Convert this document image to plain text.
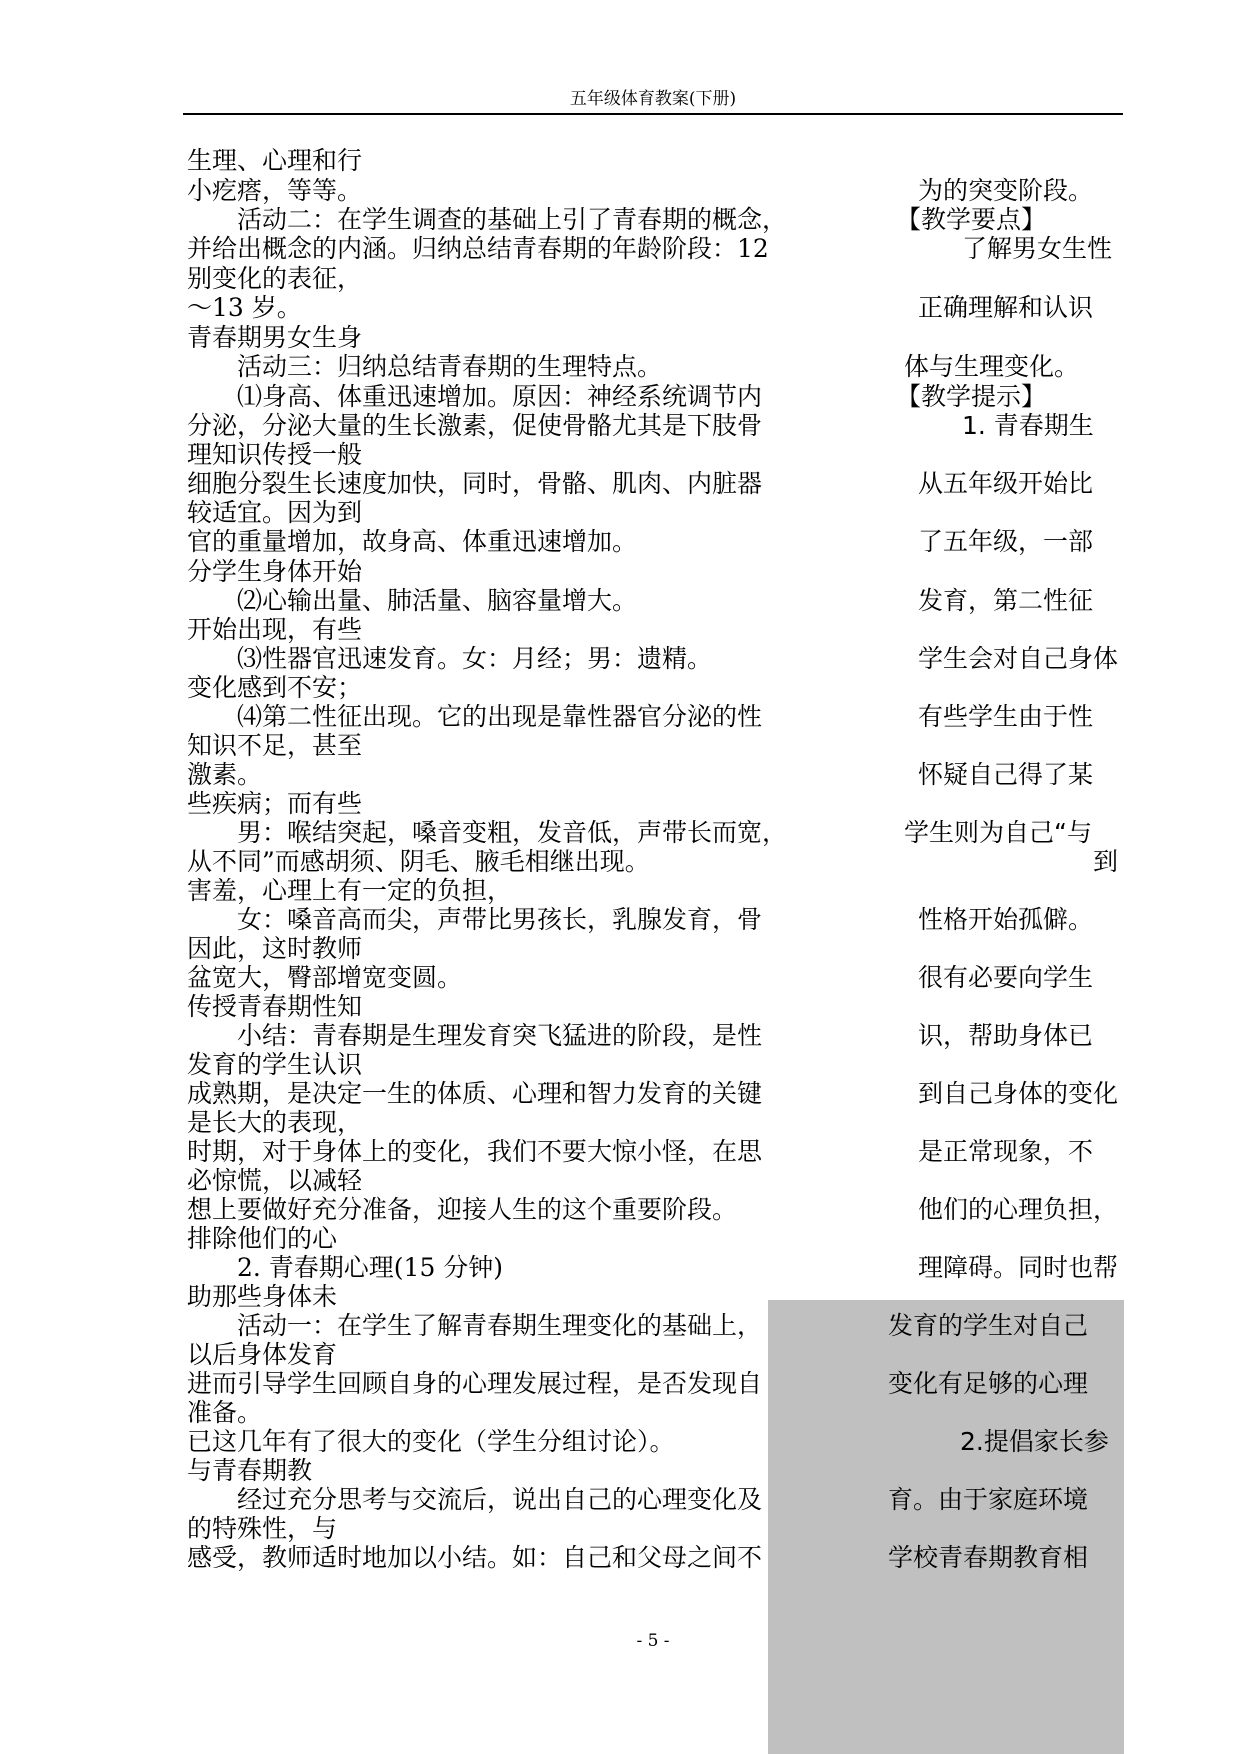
五年级体育教案(下册)
生理、心理和行
小疙瘩，等等。	为的突变阶段。
活动二：在学生调查的基础上引了青春期的概念，	【教学要点】
并给出概念的内涵。归纳总结青春期的年龄阶段：12	了解男女生性
别变化的表征，
～13 岁。	正确理解和认识
青春期男女生身
活动三：归纳总结青春期的生理特点。	体与生理变化。
⑴身高、体重迅速增加。原因：神经系统调节内	【教学提示】
分泌，分泌大量的生长激素，促使骨骼尤其是下肢骨	1. 青春期生
理知识传授一般
细胞分裂生长速度加快，同时，骨骼、肌肉、内脏器	从五年级开始比
较适宜。因为到
官的重量增加，故身高、体重迅速增加。	了五年级，一部
分学生身体开始
⑵心输出量、肺活量、脑容量增大。	发育，第二性征
开始出现，有些
⑶性器官迅速发育。女：月经；男：遗精。	学生会对自己身体
变化感到不安；
⑷第二性征出现。它的出现是靠性器官分泌的性	有些学生由于性
知识不足，甚至
激素。	怀疑自己得了某
些疾病；而有些
男：喉结突起，嗓音变粗，发音低，声带长而宽，	学生则为自己“与
从不同”而感胡须、阴毛、腋毛相继出现。	到
害羞，心理上有一定的负担，
女：嗓音高而尖，声带比男孩长，乳腺发育，骨	性格开始孤僻。
因此，这时教师
盆宽大，臀部增宽变圆。	很有必要向学生
传授青春期性知
小结：青春期是生理发育突飞猛进的阶段，是性	识，帮助身体已
发育的学生认识
成熟期，是决定一生的体质、心理和智力发育的关键	到自己身体的变化
是长大的表现，
时期，对于身体上的变化，我们不要大惊小怪，在思	是正常现象，不
必惊慌，以减轻
想上要做好充分准备，迎接人生的这个重要阶段。	他们的心理负担，
排除他们的心
2. 青春期心理(15 分钟)	理障碍。同时也帮
助那些身体未
活动一：在学生了解青春期生理变化的基础上，	发育的学生对自己
以后身体发育
进而引导学生回顾自身的心理发展过程，是否发现自	变化有足够的心理
准备。
已这几年有了很大的变化（学生分组讨论）。	2.提倡家长参
与青春期教
经过充分思考与交流后，说出自己的心理变化及	育。由于家庭环境
的特殊性，与
感受，教师适时地加以小结。如：自己和父母之间不	学校青春期教育相
- 5 -
